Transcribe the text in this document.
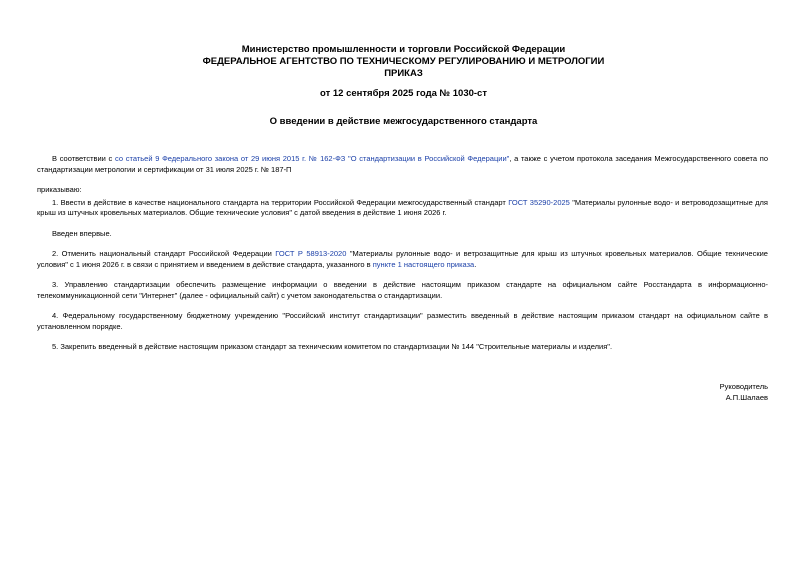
Министерство промышленности и торговли Российской Федерации
ФЕДЕРАЛЬНОЕ АГЕНТСТВО ПО ТЕХНИЧЕСКОМУ РЕГУЛИРОВАНИЮ И МЕТРОЛОГИИ
ПРИКАЗ
от 12 сентября 2025 года № 1030-ст
О введении в действие межгосударственного стандарта

В соответствии с со статьей 9 Федерального закона от 29 июня 2015 г. № 162-ФЗ "О стандартизации в Российской Федерации", а также с учетом протокола заседания Межгосударственного совета по стандартизации метрологии и сертификации от 31 июля 2025 г. № 187-П

приказываю:

1. Ввести в действие в качестве национального стандарта на территории Российской Федерации межгосударственный стандарт ГОСТ 35290-2025 "Материалы рулонные водо- и ветроводозащитные для крыш из штучных кровельных материалов. Общие технические условия" с датой введения в действие 1 июня 2026 г.

Введен впервые.

2. Отменить национальный стандарт Российской Федерации ГОСТ Р 58913-2020 "Материалы рулонные водо- и ветрозащитные для крыш из штучных кровельных материалов. Общие технические условия" с 1 июня 2026 г. в связи с принятием и введением в действие стандарта, указанного в пункте 1 настоящего приказа.

3. Управлению стандартизации обеспечить размещение информации о введении в действие настоящим приказом стандарте на официальном сайте Росстандарта в информационно-телекоммуникационной сети "Интернет" (далее - официальный сайт) с учетом законодательства о стандартизации.

4. Федеральному государственному бюджетному учреждению "Российский институт стандартизации" разместить введенный в действие настоящим приказом стандарт на официальном сайте в установленном порядке.

5. Закрепить введенный в действие настоящим приказом стандарт за техническим комитетом по стандартизации № 144 "Строительные материалы и изделия".

Руководитель
А.П.Шалаев
